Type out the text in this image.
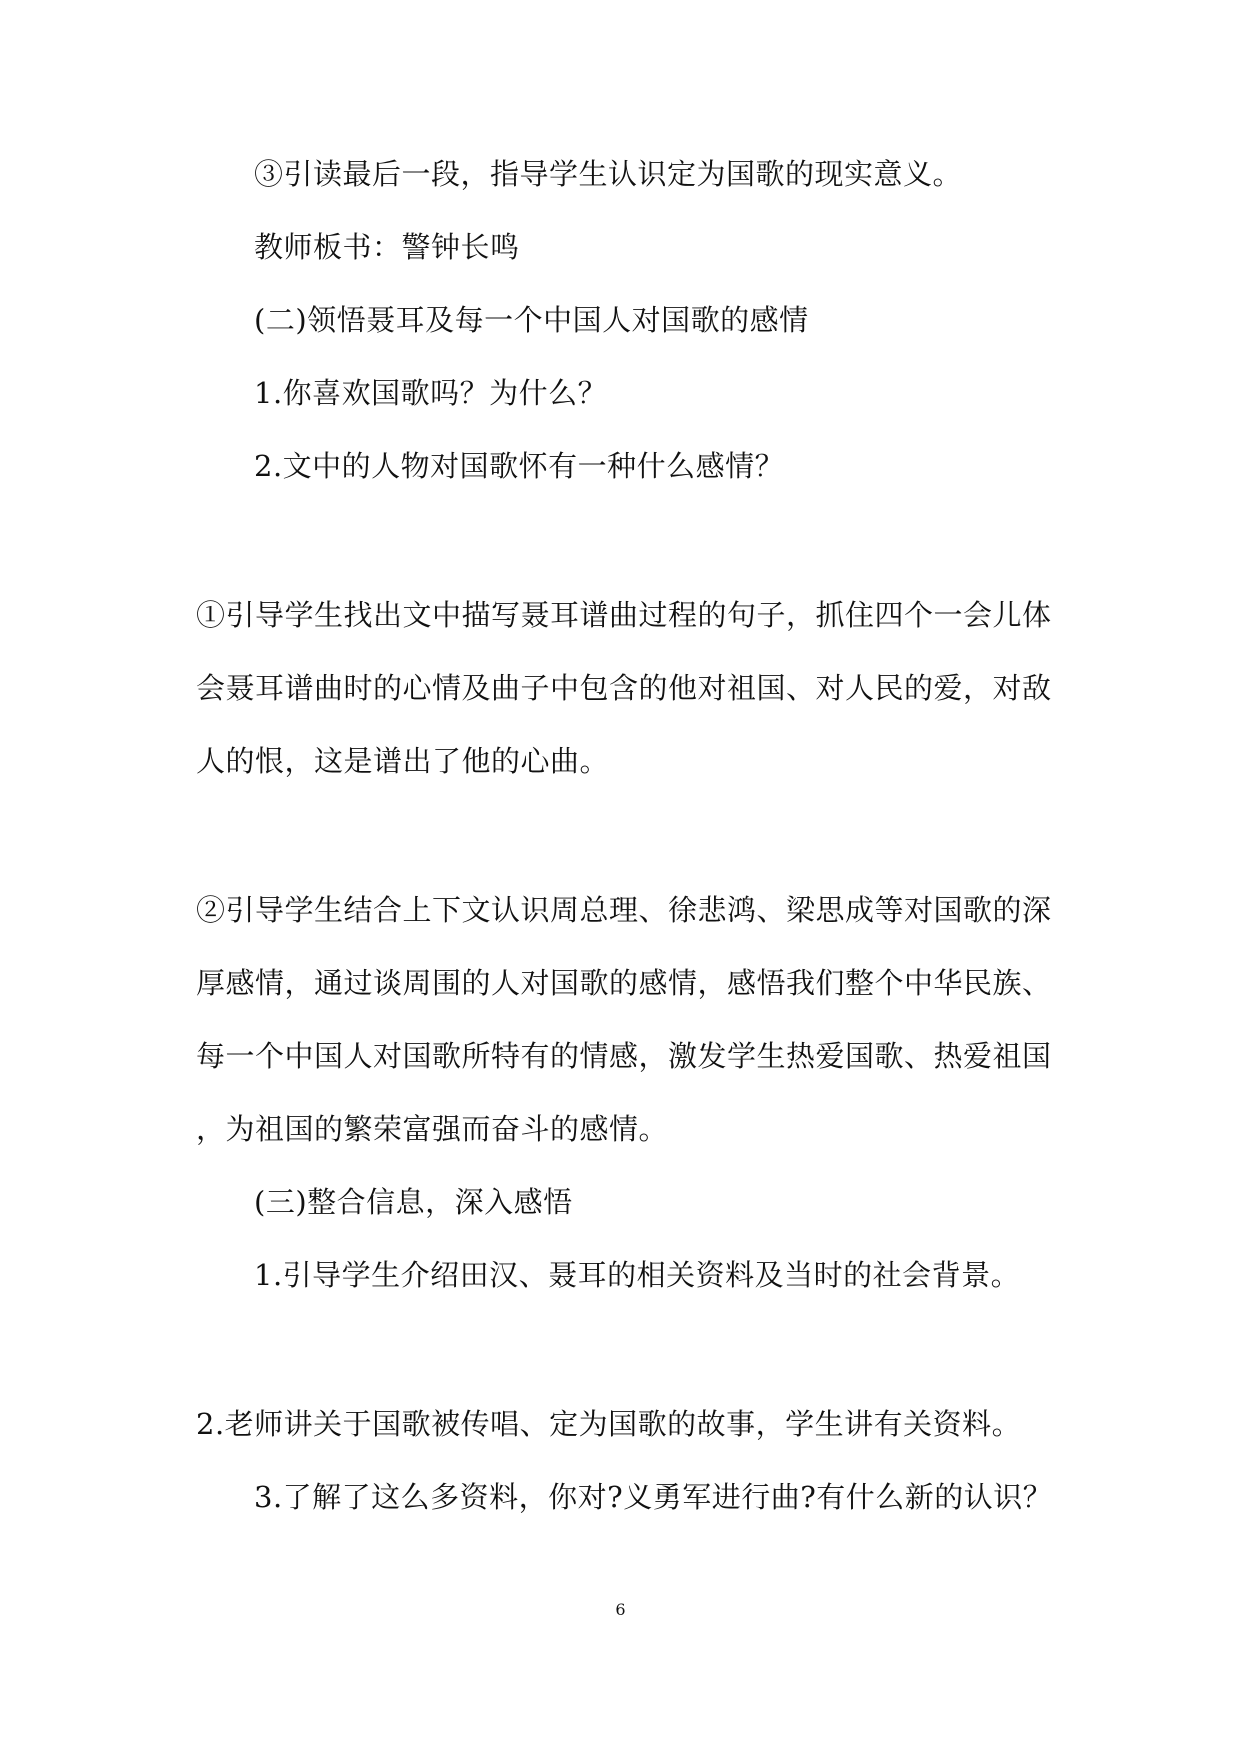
③引读最后一段，指导学生认识定为国歌的现实意义。
教师板书：警钟长鸣
(二)领悟聂耳及每一个中国人对国歌的感情
1.你喜欢国歌吗？为什么？
2.文中的人物对国歌怀有一种什么感情？
①引导学生找出文中描写聂耳谱曲过程的句子，抓住四个一会儿体
会聂耳谱曲时的心情及曲子中包含的他对祖国、对人民的爱，对敌
人的恨，这是谱出了他的心曲。
②引导学生结合上下文认识周总理、徐悲鸿、梁思成等对国歌的深
厚感情，通过谈周围的人对国歌的感情，感悟我们整个中华民族、
每一个中国人对国歌所特有的情感，激发学生热爱国歌、热爱祖国
，为祖国的繁荣富强而奋斗的感情。
(三)整合信息，深入感悟
1.引导学生介绍田汉、聂耳的相关资料及当时的社会背景。
2.老师讲关于国歌被传唱、定为国歌的故事，学生讲有关资料。
3.了解了这么多资料，你对?义勇军进行曲?有什么新的认识？
6
